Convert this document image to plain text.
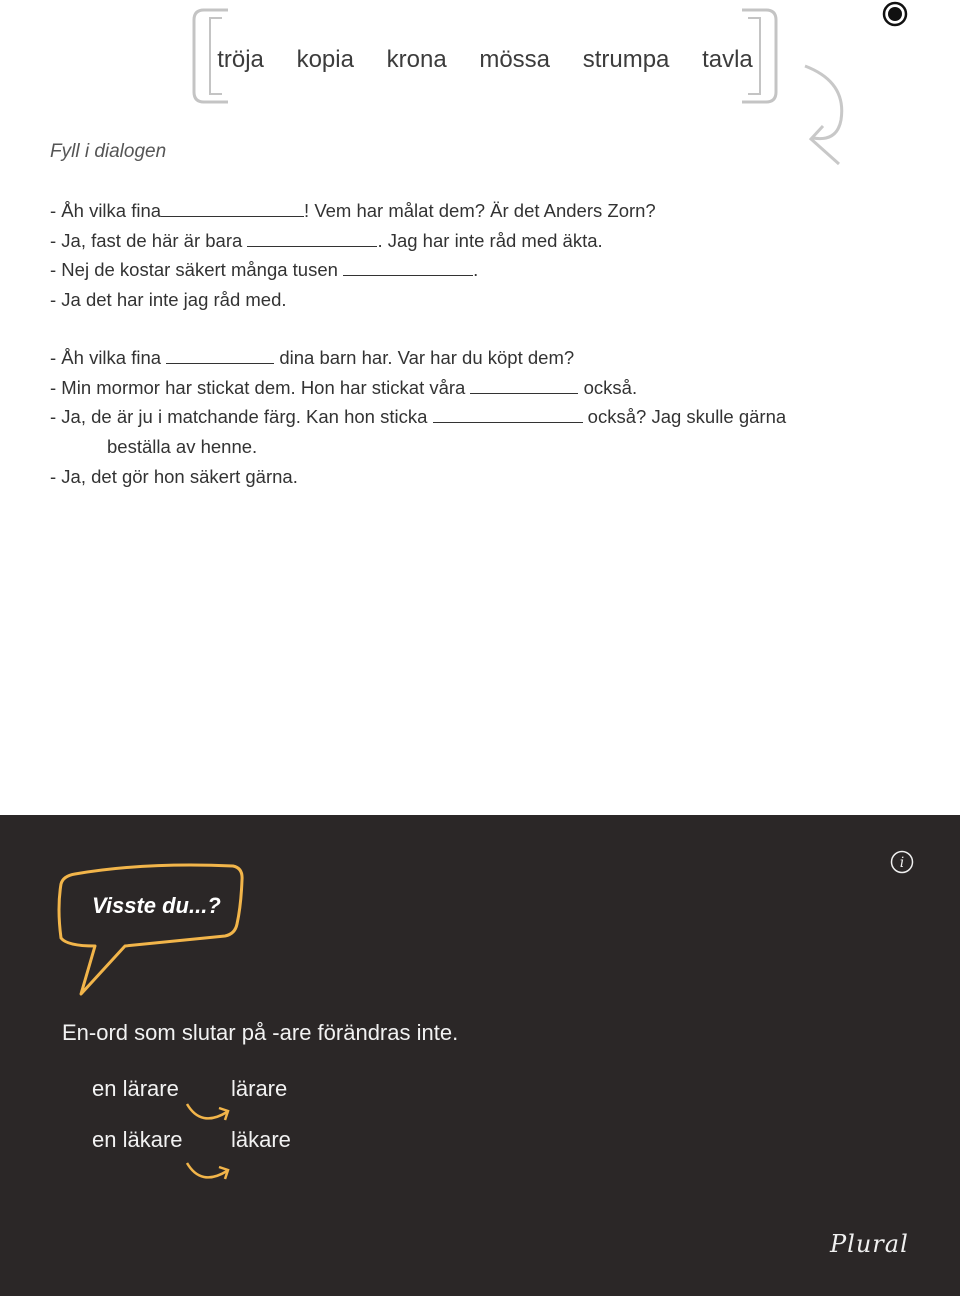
tröja kopia krona mössa strumpa tavla
Fyll i dialogen
- Åh vilka fina	! Vem har målat dem? Är det Anders Zorn?
- Ja, fast de här är bara	. Jag har inte råd med äkta.
- Nej de kostar säkert många tusen	.
- Ja det har inte jag råd med.
- Åh vilka fina	dina barn har. Var har du köpt dem?
- Min mormor har stickat dem. Hon har stickat våra	också.
- Ja, de är ju i matchande färg. Kan hon sticka	också? Jag skulle gärna
beställa av henne.
- Ja, det gör hon säkert gärna.
i
Visste du...?
En-ord som slutar på -are förändras inte.
en lärare lärare
en läkare läkare
Plural
